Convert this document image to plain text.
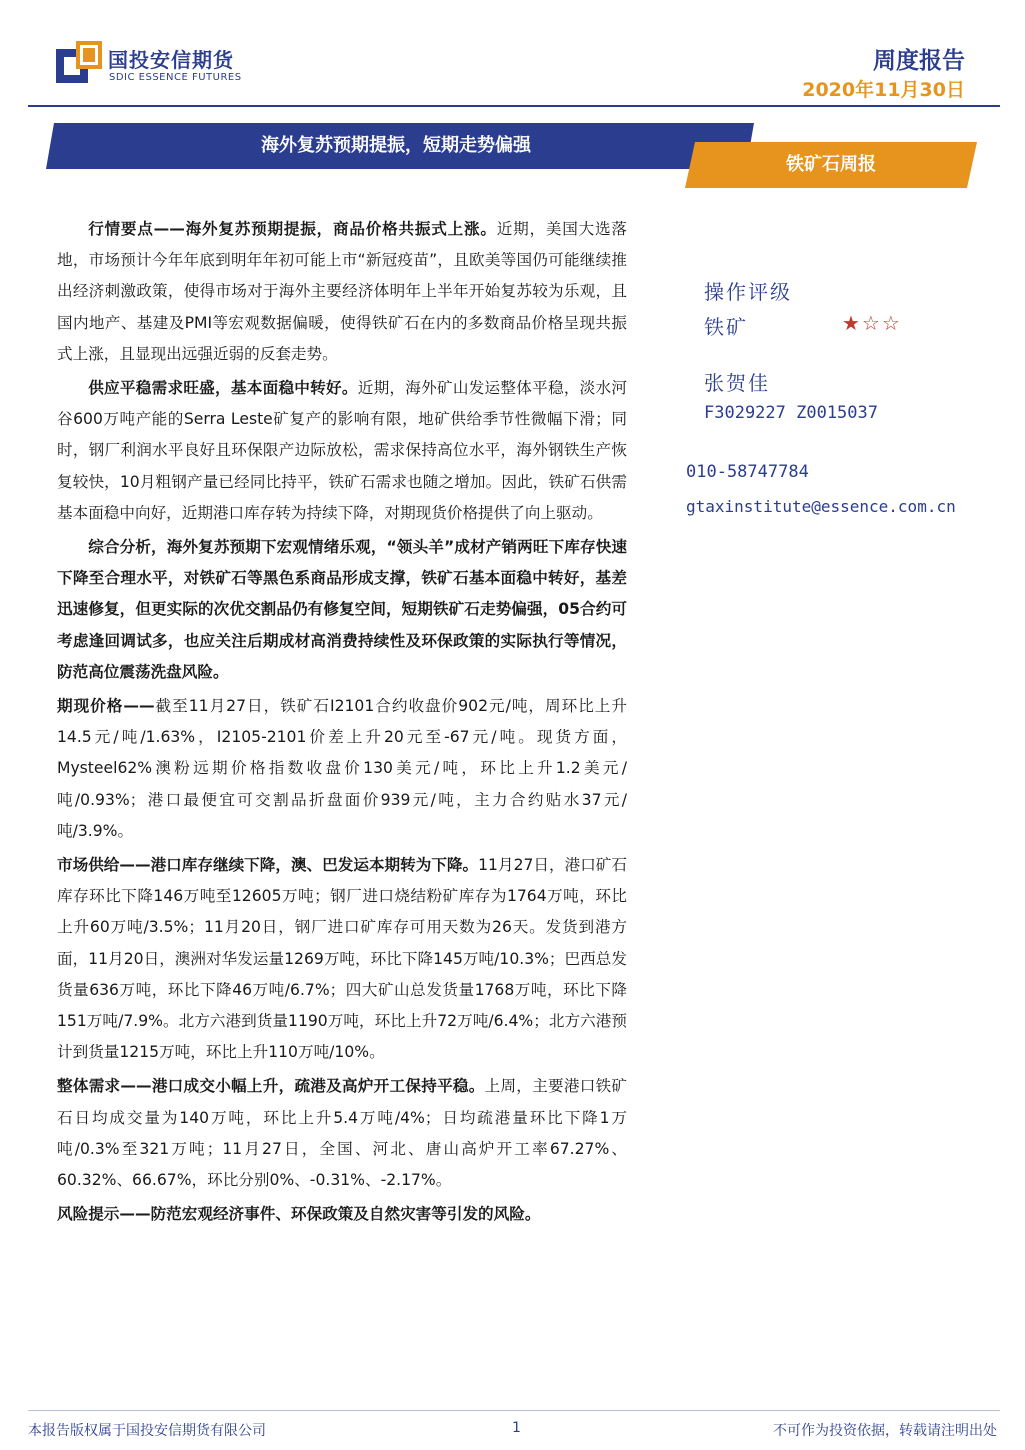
国投安信期货
SDIC ESSENCE FUTURES
周度报告
2020年11月30日
海外复苏预期提振，短期走势偏强
铁矿石周报

行情要点——海外复苏预期提振，商品价格共振式上涨。近期，美国大选落地，市场预计今年年底到明年年初可能上市“新冠疫苗”，且欧美等国仍可能继续推出经济刺激政策，使得市场对于海外主要经济体明年上半年开始复苏较为乐观，且国内地产、基建及PMI等宏观数据偏暖，使得铁矿石在内的多数商品价格呈现共振式上涨，且显现出远强近弱的反套走势。

供应平稳需求旺盛，基本面稳中转好。近期，海外矿山发运整体平稳，淡水河谷600万吨产能的Serra Leste矿复产的影响有限，地矿供给季节性微幅下滑；同时，钢厂利润水平良好且环保限产边际放松，需求保持高位水平，海外钢铁生产恢复较快，10月粗钢产量已经同比持平，铁矿石需求也随之增加。因此，铁矿石供需基本面稳中向好，近期港口库存转为持续下降，对期现货价格提供了向上驱动。

综合分析，海外复苏预期下宏观情绪乐观，“领头羊”成材产销两旺下库存快速下降至合理水平，对铁矿石等黑色系商品形成支撑，铁矿石基本面稳中转好，基差迅速修复，但更实际的次优交割品仍有修复空间，短期铁矿石走势偏强，05合约可考虑逢回调试多，也应关注后期成材高消费持续性及环保政策的实际执行等情况，防范高位震荡洗盘风险。

期现价格——截至11月27日，铁矿石I2101合约收盘价902元/吨，周环比上升14.5元/吨/1.63%，I2105-2101价差上升20元至-67元/吨。现货方面，Mysteel62%澳粉远期价格指数收盘价130美元/吨，环比上升1.2美元/吨/0.93%；港口最便宜可交割品折盘面价939元/吨，主力合约贴水37元/吨/3.9%。

市场供给——港口库存继续下降，澳、巴发运本期转为下降。11月27日，港口矿石库存环比下降146万吨至12605万吨；钢厂进口烧结粉矿库存为1764万吨，环比上升60万吨/3.5%；11月20日，钢厂进口矿库存可用天数为26天。发货到港方面，11月20日，澳洲对华发运量1269万吨，环比下降145万吨/10.3%；巴西总发货量636万吨，环比下降46万吨/6.7%；四大矿山总发货量1768万吨，环比下降151万吨/7.9%。北方六港到货量1190万吨，环比上升72万吨/6.4%；北方六港预计到货量1215万吨，环比上升110万吨/10%。

整体需求——港口成交小幅上升，疏港及高炉开工保持平稳。上周，主要港口铁矿石日均成交量为140万吨，环比上升5.4万吨/4%；日均疏港量环比下降1万吨/0.3%至321万吨；11月27日，全国、河北、唐山高炉开工率67.27%、60.32%、66.67%，环比分别0%、-0.31%、-2.17%。

风险提示——防范宏观经济事件、环保政策及自然灾害等引发的风险。

操作评级
铁矿	★☆☆
张贺佳
F3029227 Z0015037
010-58747784
gtaxinstitute@essence.com.cn
本报告版权属于国投安信期货有限公司	1	不可作为投资依据，转载请注明出处
